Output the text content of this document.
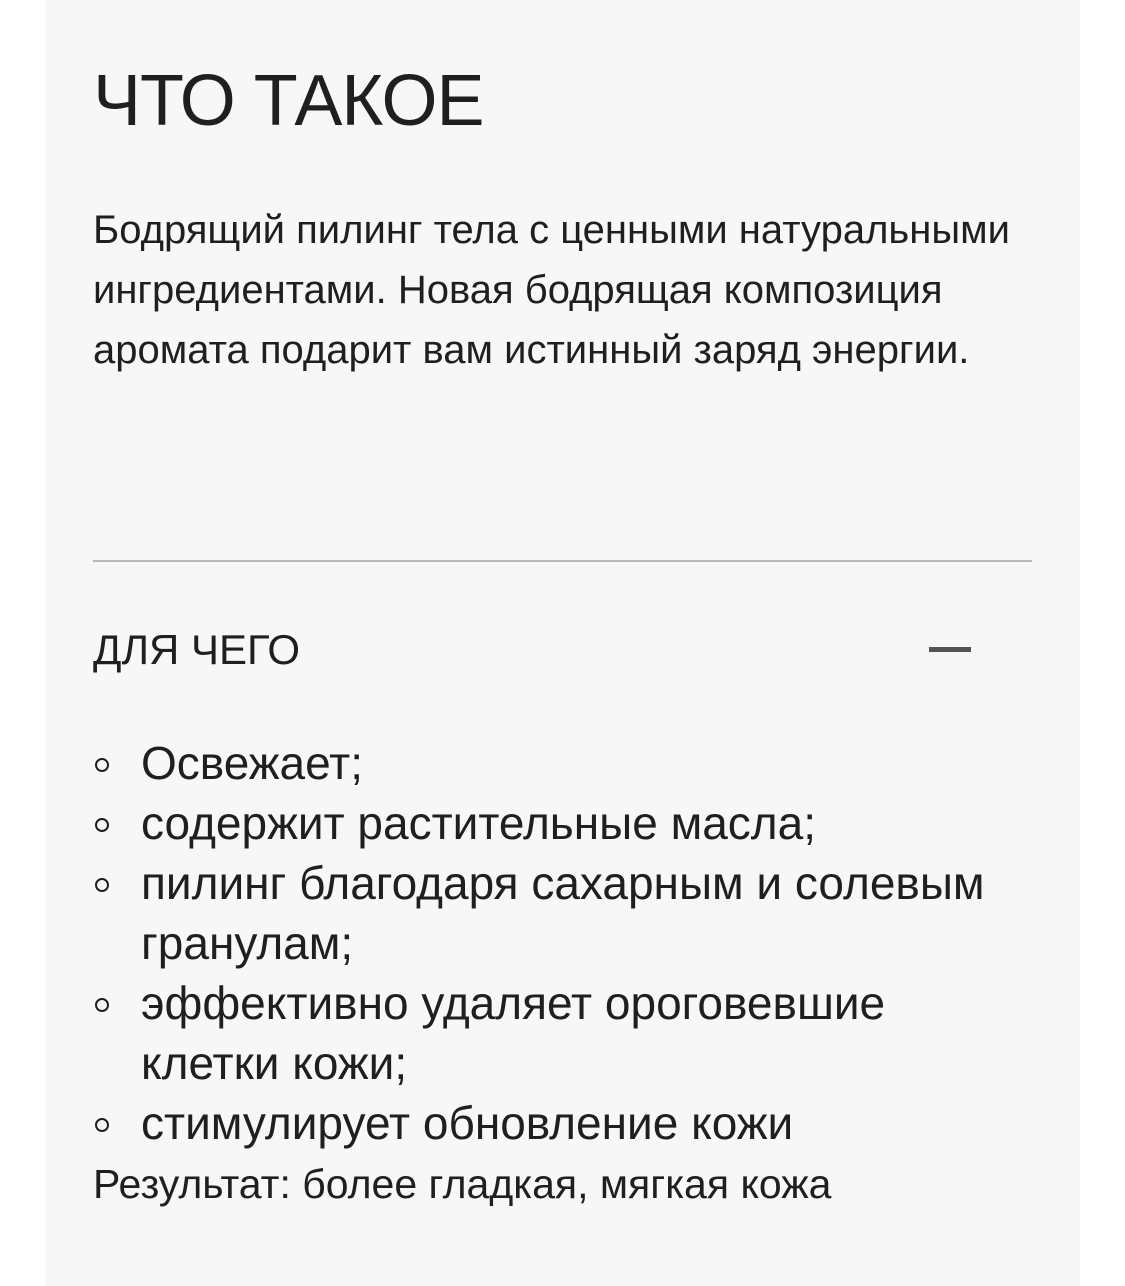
ЧТО ТАКОЕ

Бодрящий пилинг тела с ценными натуральными ингредиентами. Новая бодрящая композиция аромата подарит вам истинный заряд энергии.

ДЛЯ ЧЕГО
Освежает;
содержит растительные масла;
пилинг благодаря сахарным и солевым гранулам;
эффективно удаляет ороговевшие клетки кожи;
стимулирует обновление кожи

Результат: более гладкая, мягкая кожа
